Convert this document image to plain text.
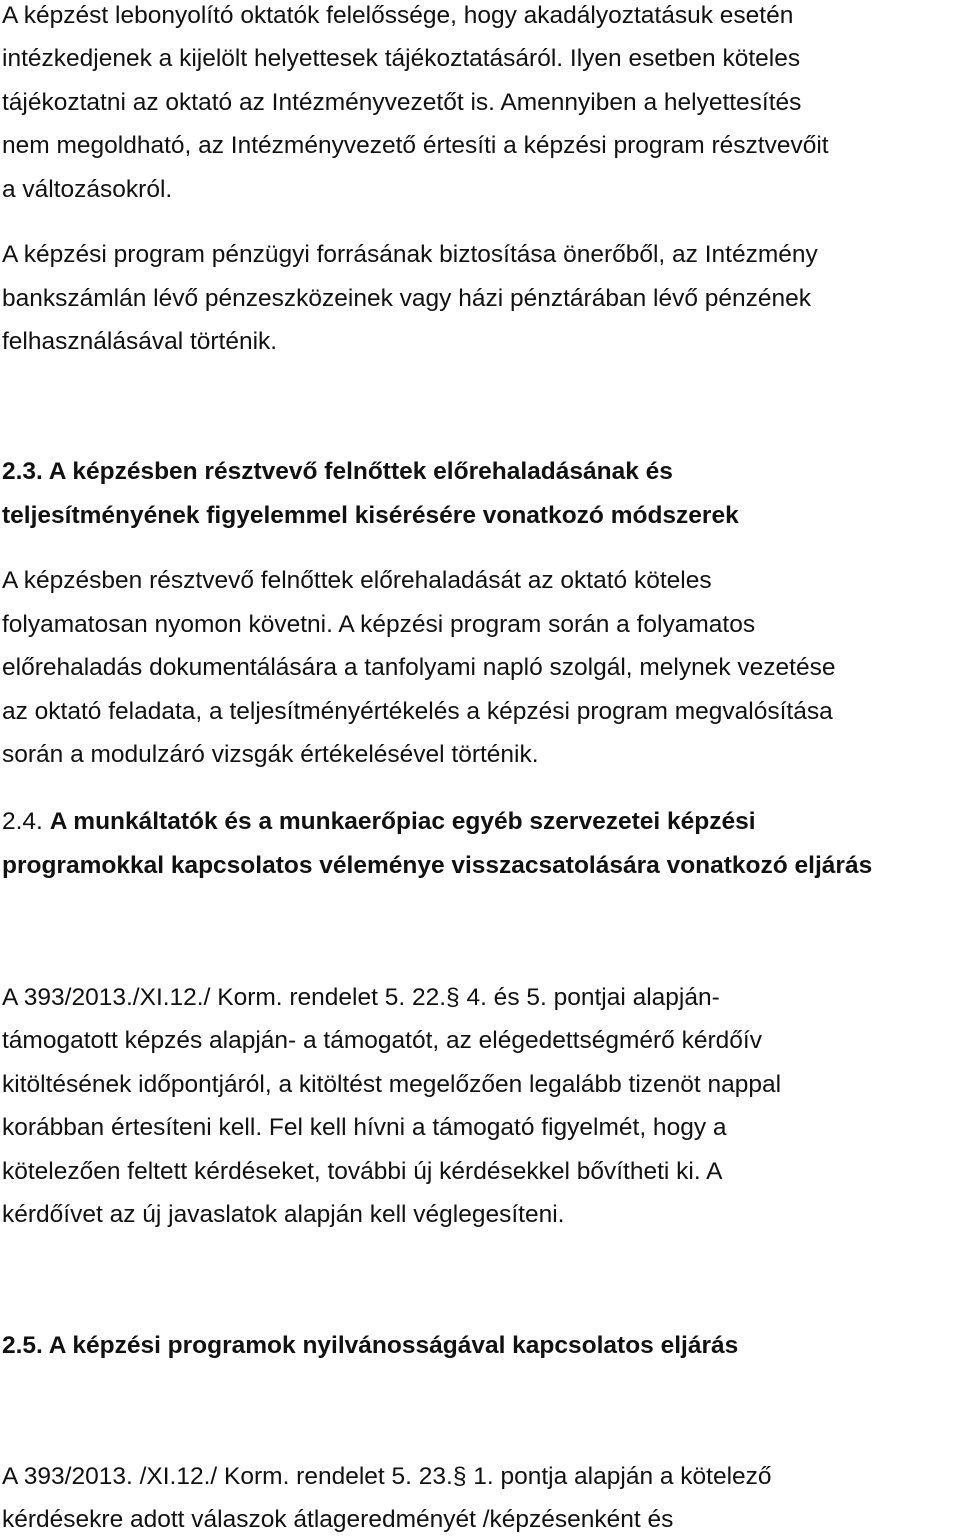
A képzést lebonyolító oktatók felelőssége, hogy akadályoztatásuk esetén
intézkedjenek a kijelölt helyettesek tájékoztatásáról. Ilyen esetben köteles
tájékoztatni az oktató az Intézményvezetőt is. Amennyiben a helyettesítés
nem megoldható, az Intézményvezető értesíti a képzési program résztvevőit
a változásokról.
A képzési program pénzügyi forrásának biztosítása önerőből, az Intézmény
bankszámlán lévő pénzeszközeinek vagy házi pénztárában lévő pénzének
felhasználásával történik.
2.3. A képzésben résztvevő felnőttek előrehaladásának és
teljesítményének figyelemmel kisérésére vonatkozó módszerek
A képzésben résztvevő felnőttek előrehaladását az oktató köteles
folyamatosan nyomon követni. A képzési program során a folyamatos
előrehaladás dokumentálására a tanfolyami napló szolgál, melynek vezetése
az oktató feladata, a teljesítményértékelés a képzési program megvalósítása
során a modulzáró vizsgák értékelésével történik.
2.4. A munkáltatók és a munkaerőpiac egyéb szervezetei képzési
programokkal kapcsolatos véleménye visszacsatolására vonatkozó eljárás
A 393/2013./XI.12./ Korm. rendelet 5. 22.§ 4. és 5. pontjai alapján-
támogatott képzés alapján- a támogatót, az elégedettségmérő kérdőív
kitöltésének időpontjáról, a kitöltést megelőzően legalább tizenöt nappal
korábban értesíteni kell. Fel kell hívni a támogató figyelmét, hogy a
kötelezően feltett kérdéseket, további új kérdésekkel bővítheti ki. A
kérdőívet az új javaslatok alapján kell véglegesíteni.
2.5. A képzési programok nyilvánosságával kapcsolatos eljárás
A 393/2013. /XI.12./ Korm. rendelet 5. 23.§ 1. pontja alapján a kötelező
kérdésekre adott válaszok átlageredményét /képzésenként és
